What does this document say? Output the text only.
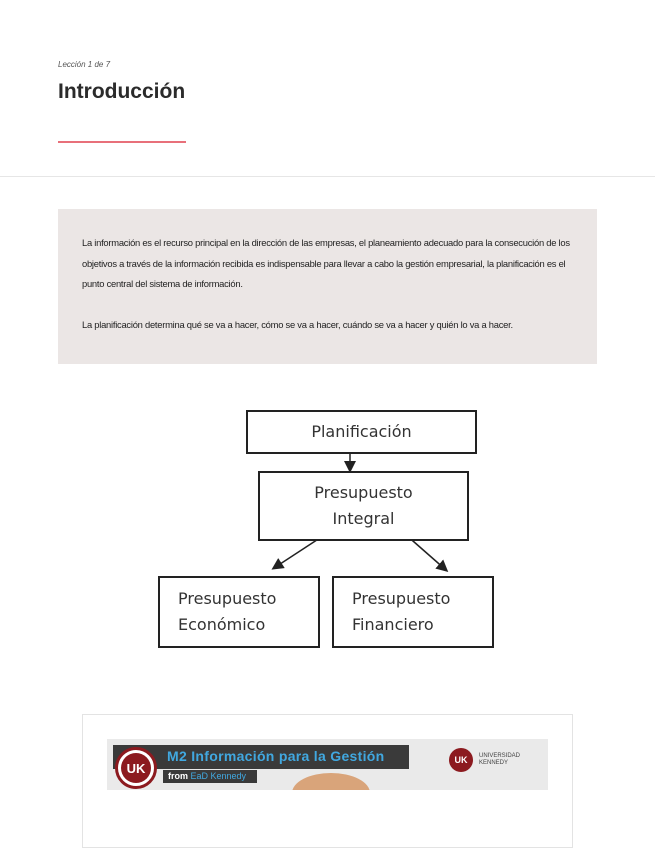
Lección 1 de 7
Introducción

La información es el recurso principal en la dirección de las empresas, el planeamiento adecuado para la consecución de los objetivos a través de la información recibida es indispensable para llevar a cabo la gestión empresarial, la planificación es el punto central del sistema de información.

La planificación determina qué se va a hacer, cómo se va a hacer, cuándo se va a hacer y quién lo va a hacer.

Planificación
Presupuesto
Integral
Presupuesto
Económico
Presupuesto
Financiero
UK
M2 Información para la Gestión
from EaD Kennedy
UK	UNIVERSIDAD
KENNEDY
